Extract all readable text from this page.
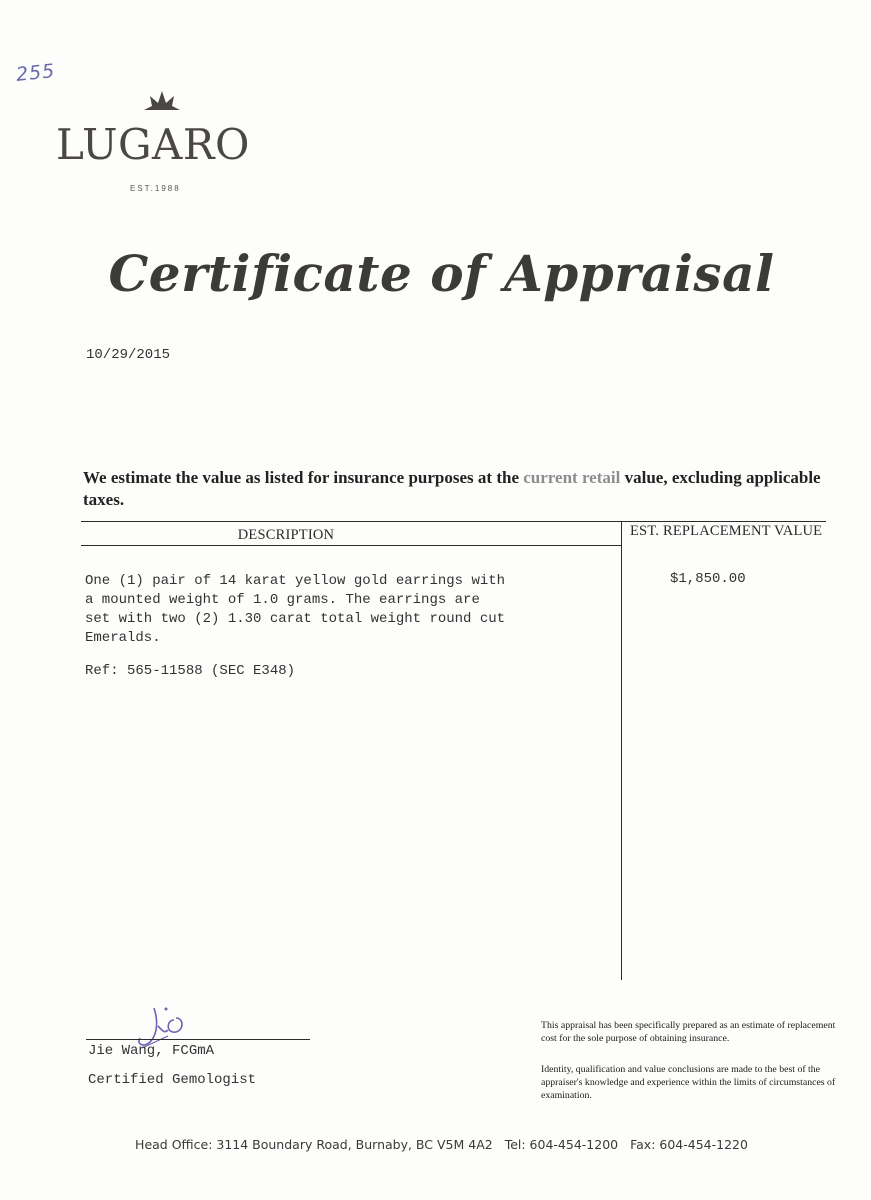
255
LUGARO
EST.1988
Certificate of Appraisal
10/29/2015
We estimate the value as listed for insurance purposes at the current retail value, excluding applicable taxes.
DESCRIPTION	EST. REPLACEMENT VALUE
One (1) pair of 14 karat yellow gold earrings with
a mounted weight of 1.0 grams. The earrings are
set with two (2) 1.30 carat total weight round cut
Emeralds.
Ref: 565-11588 (SEC E348)
$1,850.00
Jie Wang, FCGmA
Certified Gemologist
This appraisal has been specifically prepared as an estimate of replacement cost for the sole purpose of obtaining insurance.
Identity, qualification and value conclusions are made to the best of the appraiser's knowledge and experience within the limits of circumstances of examination.
Head Office: 3114 Boundary Road, Burnaby, BC V5M 4A2 Tel: 604-454-1200 Fax: 604-454-1220
